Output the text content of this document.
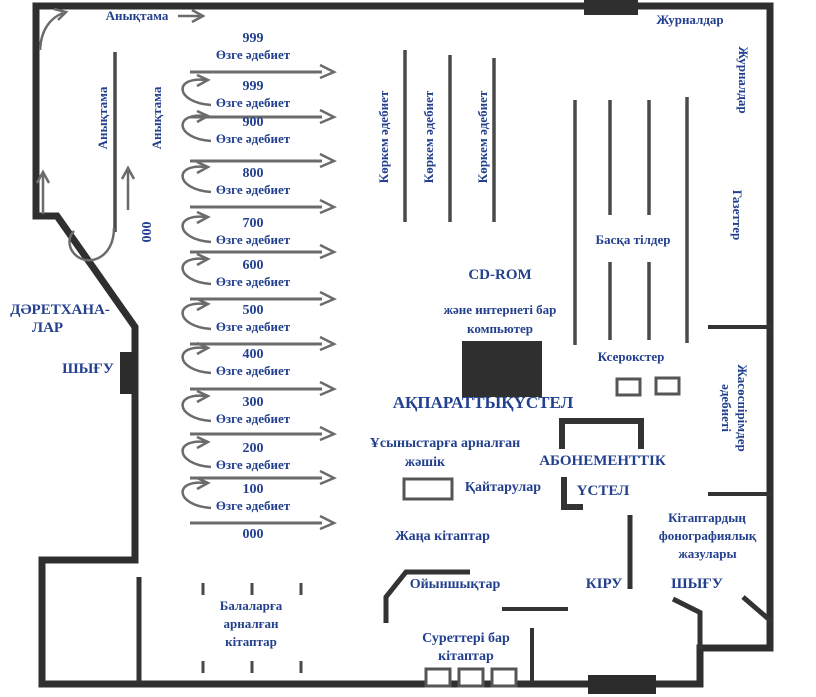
Анықтама
Анықтама	Анықтама
000
Журналдар
Журналдар
Газеттер
Жасөспірімдер
әдебиеті
Көркем әдебиет Көркем әдебиет	Көркем әдебиет
Басқа тілдер
CD-ROM
және интернеті бар
компьютер
АҚПАРАТТЫҚҮСТЕЛ
Ксерокстер
Ұсыныстарға арналған
жәшік
Қайтарулар
Жаңа кітаптар
АБОНЕМЕНТТІК
ҮСТЕЛ
Кітаптардың
фонографиялық
жазулары
КІРУ	ШЫҒУ
Ойыншықтар
Суреттері бар
кітаптар
Балаларға
арналған
кітаптар
ДӘРЕТХАНА-
ЛАР
ШЫҒУ
999
999
900
800
700
600
500
400
300
200
100
000
Өзге әдебиет
Өзге әдебиет
Өзге әдебиет
Өзге әдебиет
Өзге әдебиет
Өзге әдебиет
Өзге әдебиет
Өзге әдебиет
Өзге әдебиет
Өзге әдебиет
Өзге әдебиет
